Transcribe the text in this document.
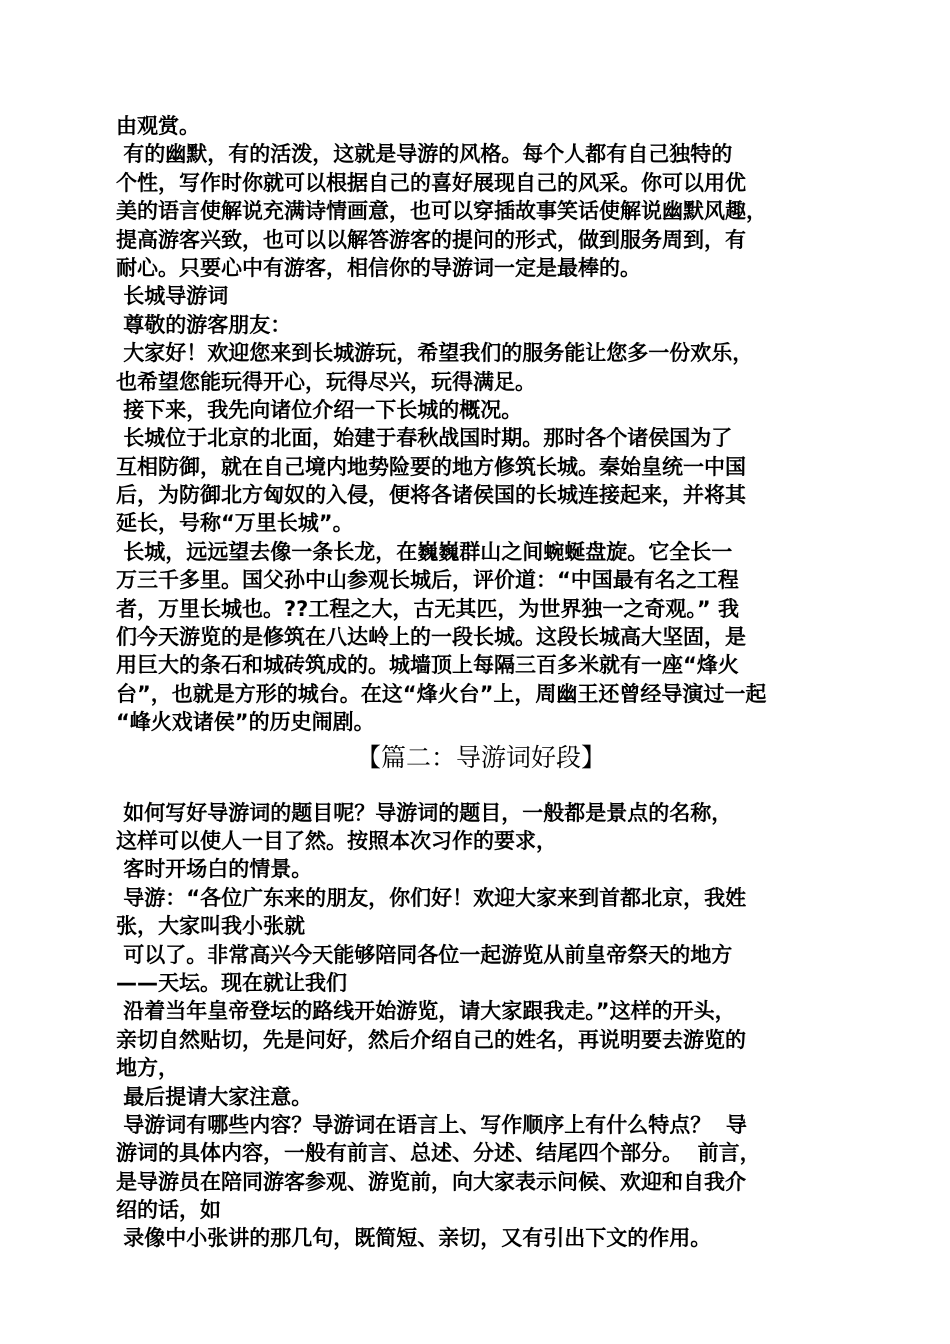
由观赏。
有的幽默，有的活泼，这就是导游的风格。每个人都有自己独特的
个性，写作时你就可以根据自己的喜好展现自己的风采。你可以用优
美的语言使解说充满诗情画意，也可以穿插故事笑话使解说幽默风趣，
提高游客兴致，也可以以解答游客的提问的形式，做到服务周到，有
耐心。只要心中有游客，相信你的导游词一定是最棒的。
长城导游词
尊敬的游客朋友：
大家好！欢迎您来到长城游玩，希望我们的服务能让您多一份欢乐，
也希望您能玩得开心，玩得尽兴，玩得满足。
接下来，我先向诸位介绍一下长城的概况。
长城位于北京的北面，始建于春秋战国时期。那时各个诸侯国为了
互相防御，就在自己境内地势险要的地方修筑长城。秦始皇统一中国
后，为防御北方匈奴的入侵，便将各诸侯国的长城连接起来，并将其
延长，号称“万里长城”。
长城，远远望去像一条长龙，在巍巍群山之间蜿蜒盘旋。它全长一
万三千多里。国父孙中山参观长城后，评价道：“中国最有名之工程
者，万里长城也。??工程之大，古无其匹，为世界独一之奇观。” 我
们今天游览的是修筑在八达岭上的一段长城。这段长城高大坚固，是
用巨大的条石和城砖筑成的。城墙顶上每隔三百多米就有一座“烽火
台”，也就是方形的城台。在这“烽火台”上，周幽王还曾经导演过一起
“峰火戏诸侯”的历史闹剧。
【篇二：导游词好段】
如何写好导游词的题目呢？导游词的题目，一般都是景点的名称，
这样可以使人一目了然。按照本次习作的要求，
客时开场白的情景。
导游：“各位广东来的朋友，你们好！欢迎大家来到首都北京，我姓
张，大家叫我小张就
可以了。非常高兴今天能够陪同各位一起游览从前皇帝祭天的地方
——天坛。现在就让我们
沿着当年皇帝登坛的路线开始游览，请大家跟我走。”这样的开头，
亲切自然贴切，先是问好，然后介绍自己的姓名，再说明要去游览的
地方，
最后提请大家注意。
导游词有哪些内容？导游词在语言上、写作顺序上有什么特点？  导
游词的具体内容，一般有前言、总述、分述、结尾四个部分。  前言，
是导游员在陪同游客参观、游览前，向大家表示问候、欢迎和自我介
绍的话，如
录像中小张讲的那几句，既简短、亲切，又有引出下文的作用。
